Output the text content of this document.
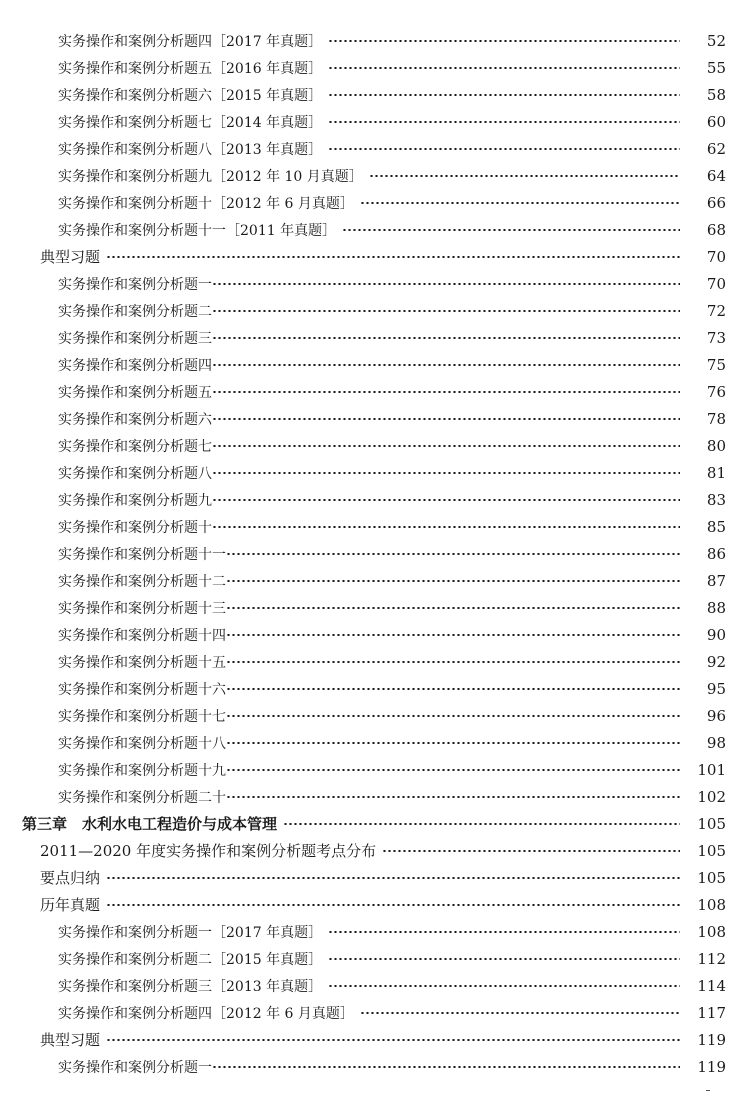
实务操作和案例分析题四［2017 年真题］	52
实务操作和案例分析题五［2016 年真题］	55
实务操作和案例分析题六［2015 年真题］	58
实务操作和案例分析题七［2014 年真题］	60
实务操作和案例分析题八［2013 年真题］	62
实务操作和案例分析题九［2012 年 10 月真题］	64
实务操作和案例分析题十［2012 年 6 月真题］	66
实务操作和案例分析题十一［2011 年真题］	68
典型习题	70
实务操作和案例分析题一	70
实务操作和案例分析题二	72
实务操作和案例分析题三	73
实务操作和案例分析题四	75
实务操作和案例分析题五	76
实务操作和案例分析题六	78
实务操作和案例分析题七	80
实务操作和案例分析题八	81
实务操作和案例分析题九	83
实务操作和案例分析题十	85
实务操作和案例分析题十一	86
实务操作和案例分析题十二	87
实务操作和案例分析题十三	88
实务操作和案例分析题十四	90
实务操作和案例分析题十五	92
实务操作和案例分析题十六	95
实务操作和案例分析题十七	96
实务操作和案例分析题十八	98
实务操作和案例分析题十九	101
实务操作和案例分析题二十	102
第三章　水利水电工程造价与成本管理	105
2011—2020 年度实务操作和案例分析题考点分布	105
要点归纳	105
历年真题	108
实务操作和案例分析题一［2017 年真题］	108
实务操作和案例分析题二［2015 年真题］	112
实务操作和案例分析题三［2013 年真题］	114
实务操作和案例分析题四［2012 年 6 月真题］	117
典型习题	119
实务操作和案例分析题一	119
